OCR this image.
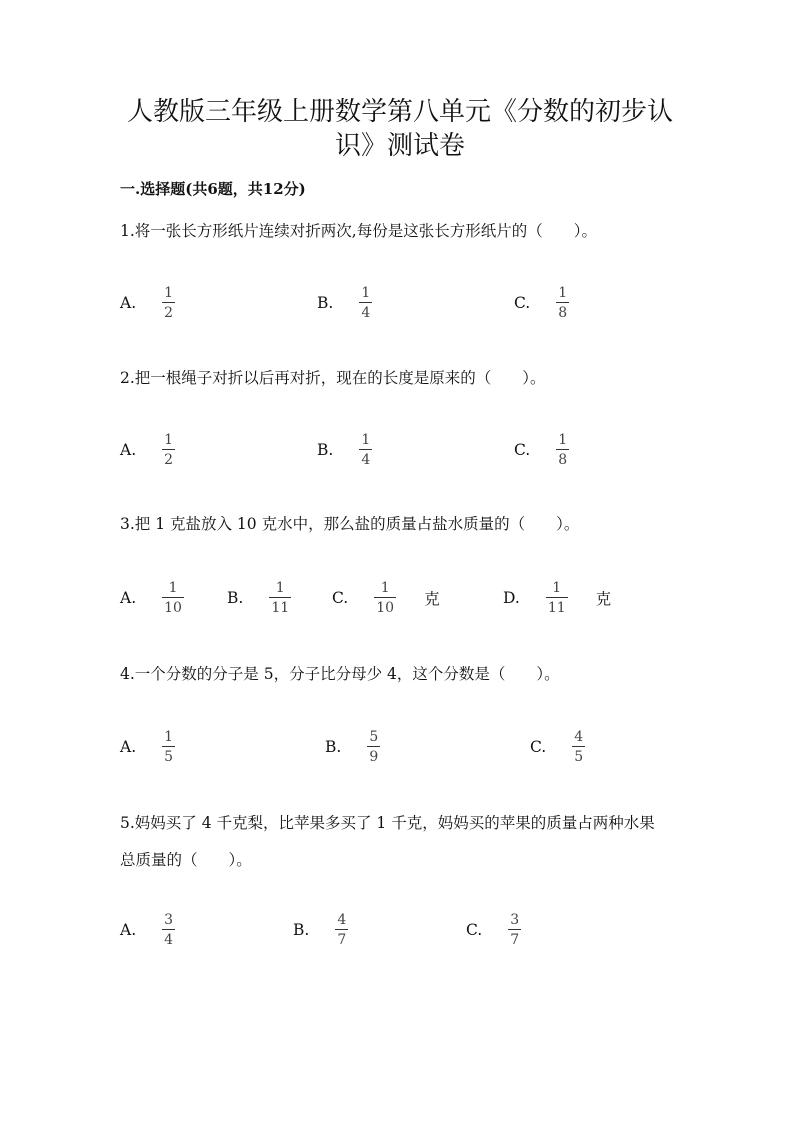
人教版三年级上册数学第八单元《分数的初步认
识》测试卷
一.选择题(共6题，共12分)
1.将一张长方形纸片连续对折两次,每份是这张长方形纸片的（　　）。
A. $\frac{1}{2}$	B. $\frac{1}{4}$	C. $\frac{1}{8}$
2.把一根绳子对折以后再对折，现在的长度是原来的（　　）。
A. $\frac{1}{2}$	B. $\frac{1}{4}$	C. $\frac{1}{8}$
3.把 1 克盐放入 10 克水中，那么盐的质量占盐水质量的（　　）。
A. $\frac{1}{10}$	B. $\frac{1}{11}$	C. $\frac{1}{10}$ 克	D. $\frac{1}{11}$ 克
4.一个分数的分子是 5，分子比分母少 4，这个分数是（　　）。
A. $\frac{1}{5}$	B. $\frac{5}{9}$	C. $\frac{4}{5}$
5.妈妈买了 4 千克梨，比苹果多买了 1 千克，妈妈买的苹果的质量占两种水果
总质量的（　　）。
A. $\frac{3}{4}$	B. $\frac{4}{7}$	C. $\frac{3}{7}$
